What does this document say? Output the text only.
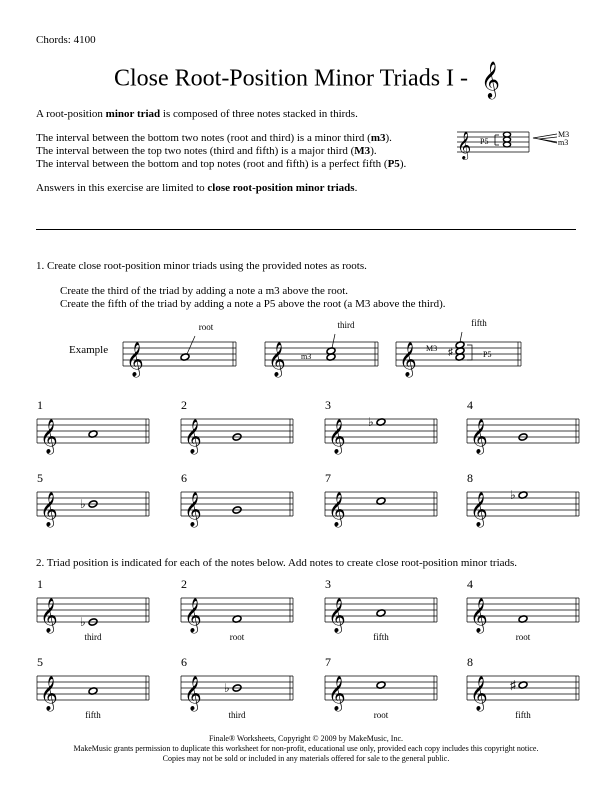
Chords: 4100
Close Root-Position Minor Triads I - 𝄞

A root-position minor triad is composed of three notes stacked in thirds.

The interval between the bottom two notes (root and third) is a minor third (m3).

The interval between the top two notes (third and fifth) is a major third (M3).

The interval between the bottom and top notes (root and fifth) is a perfect fifth (P5).

Answers in this exercise are limited to close root-position minor triads.

𝄞 P5
M3
m3
1. Create close root-position minor triads using the provided notes as roots.
Create the third of the triad by adding a note a m3 above the root.
Create the fifth of the triad by adding a note a P5 above the root (a M3 above the third).
Example
root	third	fifth
2. Triad position is indicated for each of the notes below. Add notes to create close root-position minor triads.
Finale® Worksheets, Copyright © 2009 by MakeMusic, Inc.
MakeMusic grants permission to duplicate this worksheet for non-profit, educational use only, provided each copy includes this copyright notice.
Copies may not be sold or included in any materials offered for sale to the general public.
𝄞	𝄞 m3	𝄞 M3
P5
♯
1
𝄞
2
𝄞
3
𝄞 ♭
4
𝄞
5
𝄞 ♭
6
𝄞
7
𝄞
8
𝄞 ♭
1
𝄞 ♭
third
2
𝄞
root
3
𝄞
fifth
4
𝄞
root
5
𝄞
fifth
6
𝄞 ♭
third
7
𝄞
root
8
𝄞 ♯
fifth
